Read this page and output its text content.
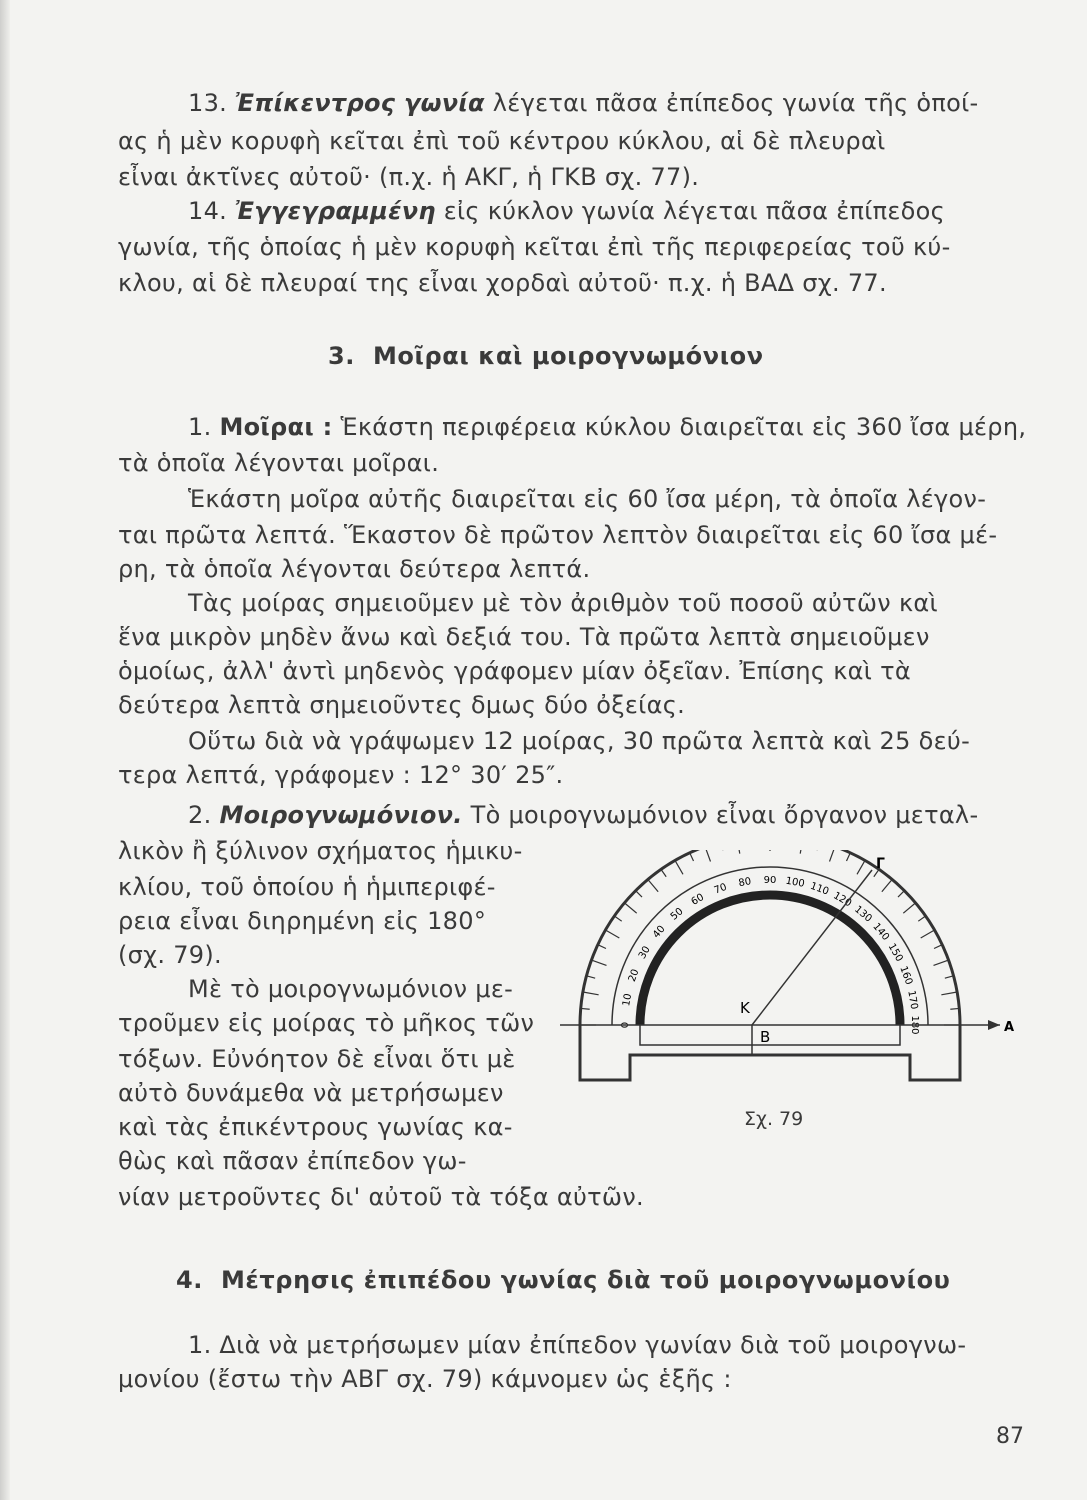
13. Ἐπίκεντρος γωνία λέγεται πᾶσα ἐπίπεδος γωνία τῆς ὁποί-
ας ἡ μὲν κορυφὴ κεῖται ἐπὶ τοῦ κέντρου κύκλου, αἱ δὲ πλευραὶ
εἶναι ἀκτῖνες αὐτοῦ· (π.χ. ἡ ΑΚΓ, ἡ ΓΚΒ σχ. 77).
14. Ἐγγεγραμμένη εἰς κύκλον γωνία λέγεται πᾶσα ἐπίπεδος
γωνία, τῆς ὁποίας ἡ μὲν κορυφὴ κεῖται ἐπὶ τῆς περιφερείας τοῦ κύ-
κλου, αἱ δὲ πλευραί της εἶναι χορδαὶ αὐτοῦ· π.χ. ἡ ΒΑΔ σχ. 77.
3. Μοῖραι καὶ μοιρογνωμόνιον
1. Μοῖραι : Ἑκάστη περιφέρεια κύκλου διαιρεῖται εἰς 360 ἴσα μέρη,
τὰ ὁποῖα λέγονται μοῖραι.
Ἑκάστη μοῖρα αὐτῆς διαιρεῖται εἰς 60 ἴσα μέρη, τὰ ὁποῖα λέγον-
ται πρῶτα λεπτά. Ἕκαστον δὲ πρῶτον λεπτὸν διαιρεῖται εἰς 60 ἴσα μέ-
ρη, τὰ ὁποῖα λέγονται δεύτερα λεπτά.
Τὰς μοίρας σημειοῦμεν μὲ τὸν ἀριθμὸν τοῦ ποσοῦ αὐτῶν καὶ
ἕνα μικρὸν μηδὲν ἄνω καὶ δεξιά του. Τὰ πρῶτα λεπτὰ σημειοῦμεν
ὁμοίως, ἀλλ' ἀντὶ μηδενὸς γράφομεν μίαν ὀξεῖαν. Ἐπίσης καὶ τὰ
δεύτερα λεπτὰ σημειοῦντες δμως δύο ὀξείας.
Οὕτω διὰ νὰ γράψωμεν 12 μοίρας, 30 πρῶτα λεπτὰ καὶ 25 δεύ-
τερα λεπτά, γράφομεν : 12° 30′ 25″.
2. Μοιρογνωμόνιον. Τὸ μοιρογνωμόνιον εἶναι ὄργανον μεταλ-
λικὸν ἢ ξύλινον σχήματος ἡμικυ-
κλίου, τοῦ ὁποίου ἡ ἡμιπεριφέ-
ρεια εἶναι διηρημένη εἰς 180°
(σχ. 79).
Μὲ τὸ μοιρογνωμόνιον με-
τροῦμεν εἰς μοίρας τὸ μῆκος τῶν
τόξων. Εὐνόητον δὲ εἶναι ὅτι μὲ
αὐτὸ δυνάμεθα νὰ μετρήσωμεν
καὶ τὰς ἐπικέντρους γωνίας κα-
θὼς καὶ πᾶσαν ἐπίπεδον γω-
νίαν μετροῦντες δι' αὐτοῦ τὰ τόξα αὐτῶν.
4. Μέτρησις ἐπιπέδου γωνίας διὰ τοῦ μοιρογνωμονίου
1. Διὰ νὰ μετρήσωμεν μίαν ἐπίπεδον γωνίαν διὰ τοῦ μοιρογνω-
μονίου (ἔστω τὴν ΑΒΓ σχ. 79) κάμνομεν ὡς ἑξῆς :
0
10
20
30
40
50
60
70 80 90 100 110
120
130
140
150
160
170
180
Γ
Κ
Β
Α
Σχ. 79
87
